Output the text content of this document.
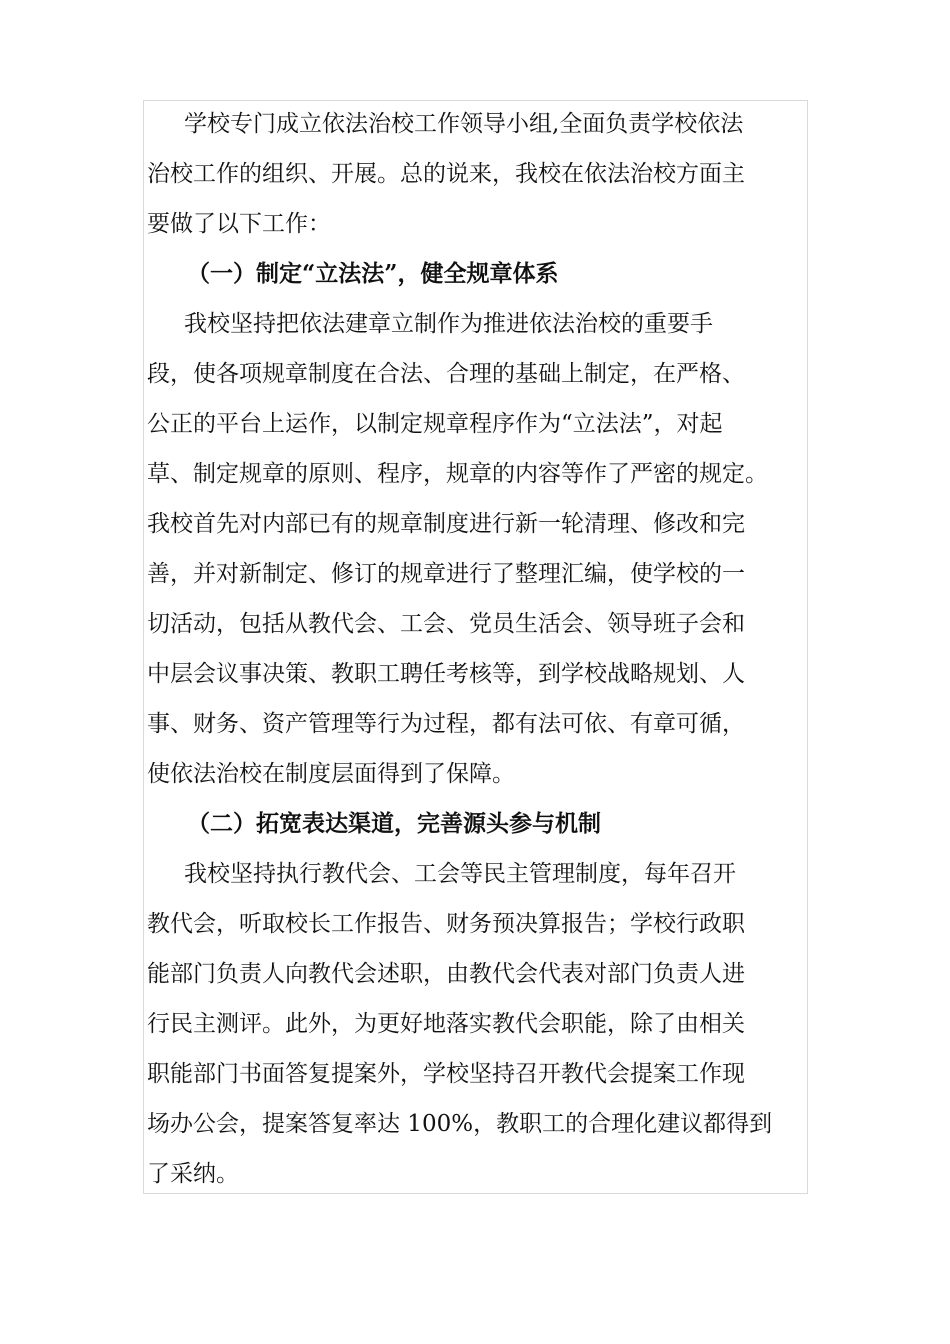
学校专门成立依法治校工作领导小组,全面负责学校依法
治校工作的组织、开展。总的说来，我校在依法治校方面主
要做了以下工作：
（一）制定“立法法”，健全规章体系
我校坚持把依法建章立制作为推进依法治校的重要手
段，使各项规章制度在合法、合理的基础上制定，在严格、
公正的平台上运作，以制定规章程序作为“立法法”，对起
草、制定规章的原则、程序，规章的内容等作了严密的规定。
我校首先对内部已有的规章制度进行新一轮清理、修改和完
善，并对新制定、修订的规章进行了整理汇编，使学校的一
切活动，包括从教代会、工会、党员生活会、领导班子会和
中层会议事决策、教职工聘任考核等，到学校战略规划、人
事、财务、资产管理等行为过程，都有法可依、有章可循，
使依法治校在制度层面得到了保障。
（二）拓宽表达渠道，完善源头参与机制
我校坚持执行教代会、工会等民主管理制度，每年召开
教代会，听取校长工作报告、财务预决算报告；学校行政职
能部门负责人向教代会述职，由教代会代表对部门负责人进
行民主测评。此外，为更好地落实教代会职能，除了由相关
职能部门书面答复提案外，学校坚持召开教代会提案工作现
场办公会，提案答复率达 100%，教职工的合理化建议都得到
了采纳。
